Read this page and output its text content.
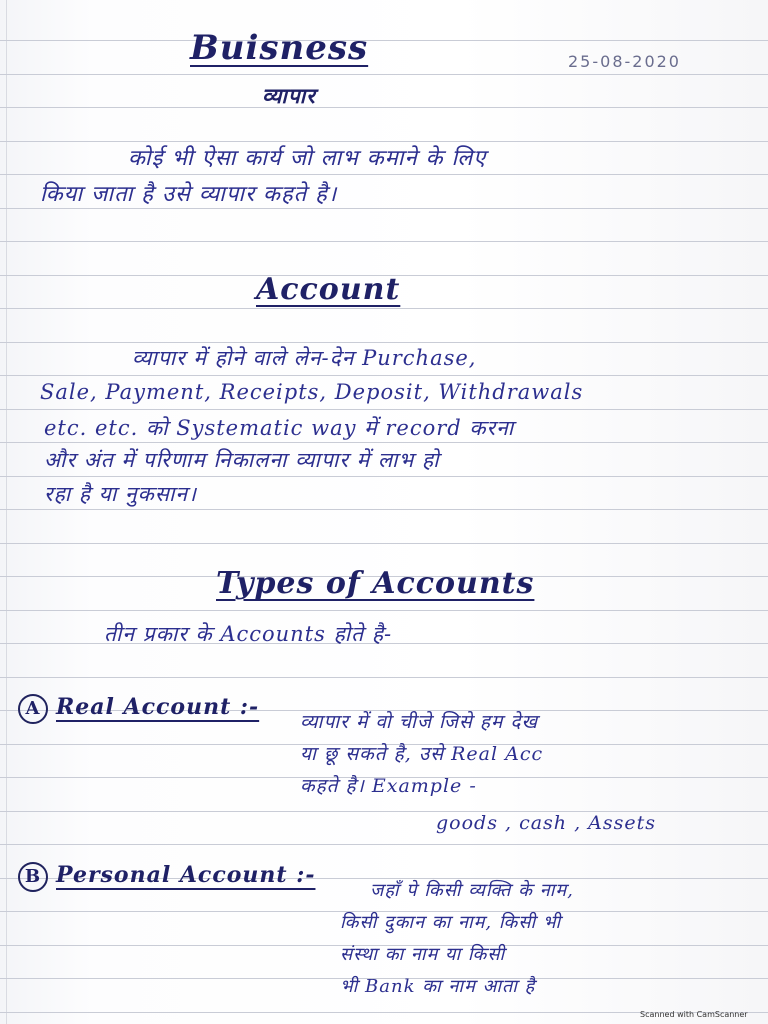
25-08-2020
Buisness
व्यापार
कोई भी ऐसा कार्य जो लाभ कमाने के लिए
किया जाता है उसे व्यापार कहते है।
Account
व्यापार में होने वाले लेन-देन Purchase,
Sale, Payment, Receipts, Deposit, Withdrawals
etc. etc. को Systematic way में record करना
और अंत में परिणाम निकालना व्यापार में लाभ हो
रहा है या नुकसान।
Types of Accounts
तीन प्रकार के Accounts होते है-
A Real Account :-
व्यापार में वो चीजे जिसे हम देख
या छू सकते है, उसे Real Acc
कहते है। Example -
goods , cash , Assets
B Personal Account :-
जहाँ पे किसी व्यक्ति के नाम,
किसी दुकान का नाम, किसी भी
संस्था का नाम या किसी
भी Bank का नाम आता है
Scanned with CamScanner
